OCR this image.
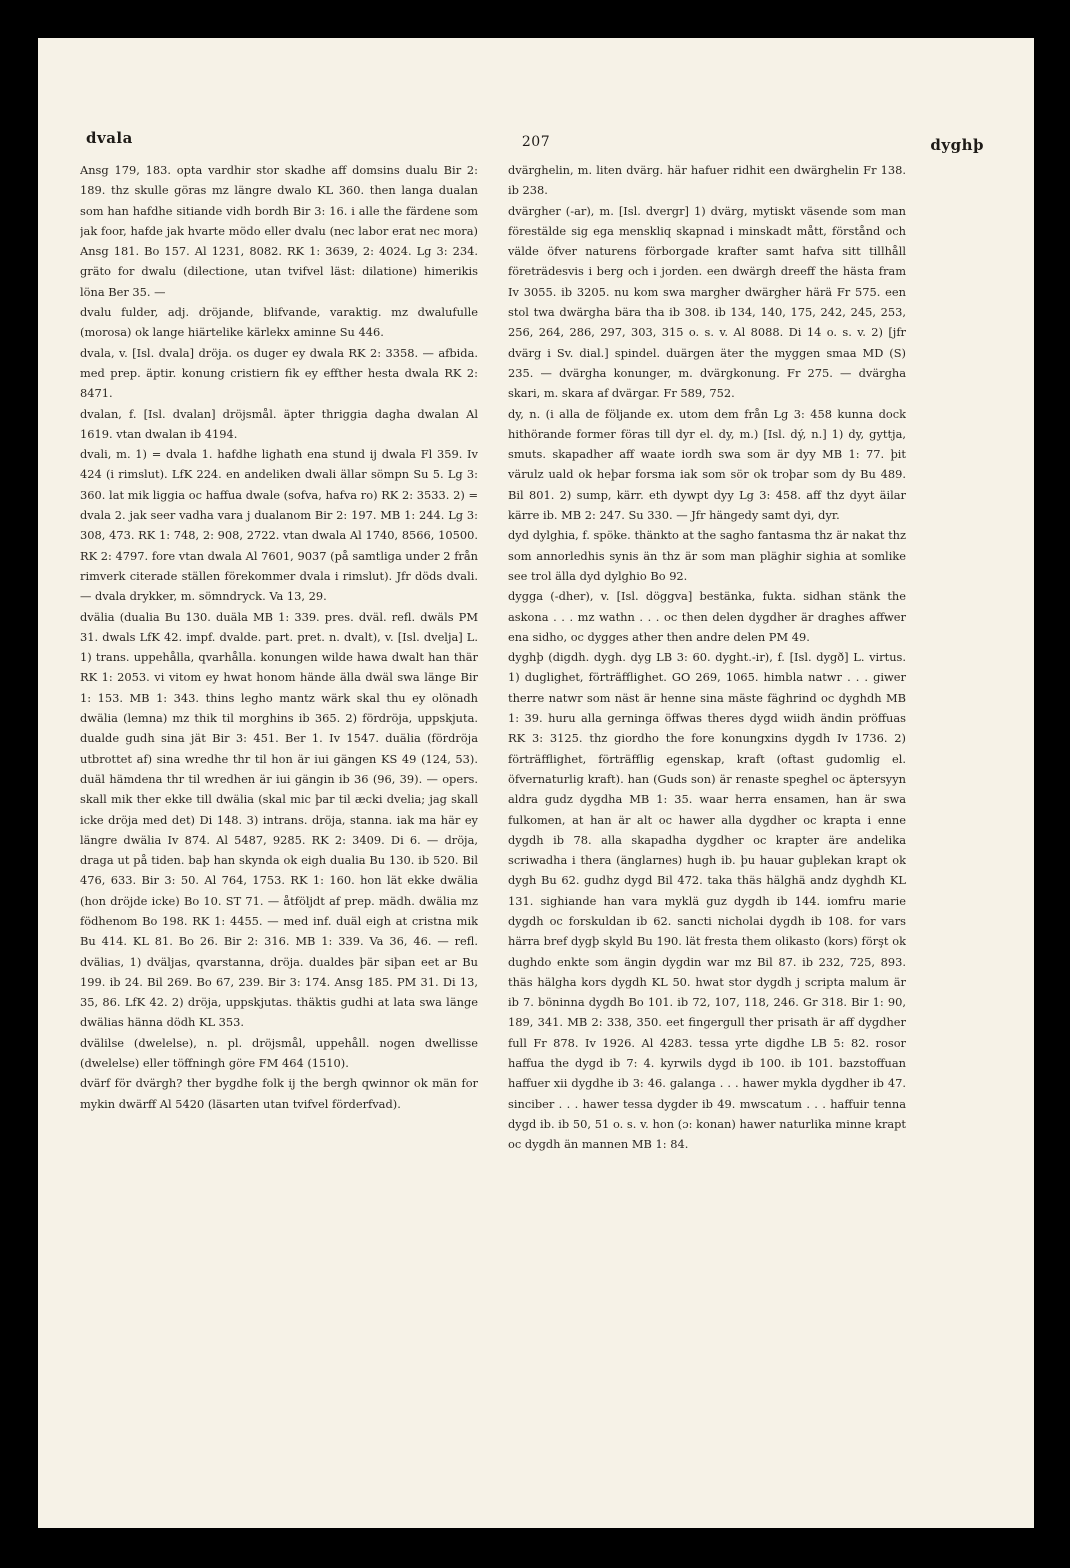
dvala	207	dyghþ

Ansg 179, 183. opta vardhir stor skadhe aff domsins dualu Bir 2: 189. thz skulle göras mz längre dwalo KL 360. then langa dualan som han hafdhe sitiande vidh bordh Bir 3: 16. i alle the färdene som jak foor, hafde jak hvarte mödo eller dvalu (nec labor erat nec mora) Ansg 181. Bo 157. Al 1231, 8082. RK 1: 3639, 2: 4024. Lg 3: 234. gräto for dwalu (dilectione, utan tvifvel läst: dilatione) himerikis löna Ber 35. —

dvalu fulder, adj. dröjande, blifvande, varaktig. mz dwalufulle (morosa) ok lange hiärtelike kärlekx aminne Su 446.

dvala, v. [Isl. dvala] dröja. os duger ey dwala RK 2: 3358. — afbida. med prep. äptir. konung cristiern fik ey effther hesta dwala RK 2: 8471.

dvalan, f. [Isl. dvalan] dröjsmål. äpter thriggia dagha dwalan Al 1619. vtan dwalan ib 4194.

dvali, m. 1) = dvala 1. hafdhe lighath ena stund ij dwala Fl 359. Iv 424 (i rimslut). LfK 224. en andeliken dwali ällar sömpn Su 5. Lg 3: 360. lat mik liggia oc haffua dwale (sofva, hafva ro) RK 2: 3533. 2) = dvala 2. jak seer vadha vara j dualanom Bir 2: 197. MB 1: 244. Lg 3: 308, 473. RK 1: 748, 2: 908, 2722. vtan dwala Al 1740, 8566, 10500. RK 2: 4797. fore vtan dwala Al 7601, 9037 (på samtliga under 2 från rimverk citerade ställen förekommer dvala i rimslut). Jfr döds dvali. — dvala drykker, m. sömndryck. Va 13, 29.

dvälia (dualia Bu 130. duäla MB 1: 339. pres. dväl. refl. dwäls PM 31. dwals LfK 42. impf. dvalde. part. pret. n. dvalt), v. [Isl. dvelja] L. 1) trans. uppehålla, qvarhålla. konungen wilde hawa dwalt han thär RK 1: 2053. vi vitom ey hwat honom hände älla dwäl swa länge Bir 1: 153. MB 1: 343. thins legho mantz wärk skal thu ey olönadh dwälia (lemna) mz thik til morghins ib 365. 2) fördröja, uppskjuta. dualde gudh sina jät Bir 3: 451. Ber 1. Iv 1547. duälia (fördröja utbrottet af) sina wredhe thr til hon är iui gängen KS 49 (124, 53). duäl hämdena thr til wredhen är iui gängin ib 36 (96, 39). — opers. skall mik ther ekke till dwälia (skal mic þar til æcki dvelia; jag skall icke dröja med det) Di 148. 3) intrans. dröja, stanna. iak ma här ey längre dwälia Iv 874. Al 5487, 9285. RK 2: 3409. Di 6. — dröja, draga ut på tiden. baþ han skynda ok eigh dualia Bu 130. ib 520. Bil 476, 633. Bir 3: 50. Al 764, 1753. RK 1: 160. hon lät ekke dwälia (hon dröjde icke) Bo 10. ST 71. — åtföljdt af prep. mädh. dwälia mz födhenom Bo 198. RK 1: 4455. — med inf. duäl eigh at cristna mik Bu 414. KL 81. Bo 26. Bir 2: 316. MB 1: 339. Va 36, 46. — refl. dvälias, 1) dväljas, qvarstanna, dröja. dualdes þär siþan eet ar Bu 199. ib 24. Bil 269. Bo 67, 239. Bir 3: 174. Ansg 185. PM 31. Di 13, 35, 86. LfK 42. 2) dröja, uppskjutas. thäktis gudhi at lata swa länge dwälias hänna dödh KL 353.

dvälilse (dwelelse), n. pl. dröjsmål, uppehåll. nogen dwellisse (dwelelse) eller töffningh göre FM 464 (1510).

dvärf för dvärgh? ther bygdhe folk ij the bergh qwinnor ok män for mykin dwärff Al 5420 (läsarten utan tvifvel förderfvad).

dvärghelin, m. liten dvärg. här hafuer ridhit een dwärghelin Fr 138. ib 238.

dvärgher (-ar), m. [Isl. dvergr] 1) dvärg, mytiskt väsende som man förestälde sig ega menskliq skapnad i minskadt mått, förstånd och välde öfver naturens förborgade krafter samt hafva sitt tillhåll företrädesvis i berg och i jorden. een dwärgh dreeff the hästa fram Iv 3055. ib 3205. nu kom swa margher dwärgher härä Fr 575. een stol twa dwärgha bära tha ib 308. ib 134, 140, 175, 242, 245, 253, 256, 264, 286, 297, 303, 315 o. s. v. Al 8088. Di 14 o. s. v. 2) [jfr dvärg i Sv. dial.] spindel. duärgen äter the myggen smaa MD (S) 235. — dvärgha konunger, m. dvärgkonung. Fr 275. — dvärgha skari, m. skara af dvärgar. Fr 589, 752.

dy, n. (i alla de följande ex. utom dem från Lg 3: 458 kunna dock hithörande former föras till dyr el. dy, m.) [Isl. dý, n.] 1) dy, gyttja, smuts. skapadher aff waate iordh swa som är dyy MB 1: 77. þit värulz uald ok heþar forsma iak som sör ok troþar som dy Bu 489. Bil 801. 2) sump, kärr. eth dywpt dyy Lg 3: 458. aff thz dyyt äilar kärre ib. MB 2: 247. Su 330. — Jfr hängedy samt dyi, dyr.

dyd dylghia, f. spöke. thänkto at the sagho fantasma thz är nakat thz som annorledhis synis än thz är som man pläghir sighia at somlike see trol älla dyd dylghio Bo 92.

dygga (-dher), v. [Isl. döggva] bestänka, fukta. sidhan stänk the askona . . . mz wathn . . . oc then delen dygdher är draghes affwer ena sidho, oc dygges ather then andre delen PM 49.

dyghþ (digdh. dygh. dyg LB 3: 60. dyght.-ir), f. [Isl. dygð] L. virtus. 1) duglighet, förträfflighet. GO 269, 1065. himbla natwr . . . giwer therre natwr som näst är henne sina mäste fäghrind oc dyghdh MB 1: 39. huru alla gerninga öffwas theres dygd wiidh ändin pröffuas RK 3: 3125. thz giordho the fore konungxins dygdh Iv 1736. 2) förträfflighet, förträfflig egenskap, kraft (oftast gudomlig el. öfvernaturlig kraft). han (Guds son) är renaste speghel oc äptersyyn aldra gudz dygdha MB 1: 35. waar herra ensamen, han är swa fulkomen, at han är alt oc hawer alla dygdher oc krapta i enne dygdh ib 78. alla skapadha dygdher oc krapter äre andelika scriwadha i thera (änglarnes) hugh ib. þu hauar guþlekan krapt ok dygh Bu 62. gudhz dygd Bil 472. taka thäs hälghä andz dyghdh KL 131. sighiande han vara myklä guz dygdh ib 144. iomfru marie dygdh oc forskuldan ib 62. sancti nicholai dygdh ib 108. for vars härra bref dygþ skyld Bu 190. lät fresta them olikasto (kors) förşt ok dughdo enkte som ängin dygdin war mz Bil 87. ib 232, 725, 893. thäs hälgha kors dygdh KL 50. hwat stor dygdh j scripta malum är ib 7. böninna dygdh Bo 101. ib 72, 107, 118, 246. Gr 318. Bir 1: 90, 189, 341. MB 2: 338, 350. eet fingergull ther prisath är aff dygdher full Fr 878. Iv 1926. Al 4283. tessa yrte digdhe LB 5: 82. rosor haffua the dygd ib 7: 4. kyrwils dygd ib 100. ib 101. bazstoffuan haffuer xii dygdhe ib 3: 46. galanga . . . hawer mykla dygdher ib 47. sinciber . . . hawer tessa dygder ib 49. mwscatum . . . haffuir tenna dygd ib. ib 50, 51 o. s. v. hon (ɔ: konan) hawer naturlika minne krapt oc dygdh än mannen MB 1: 84.
